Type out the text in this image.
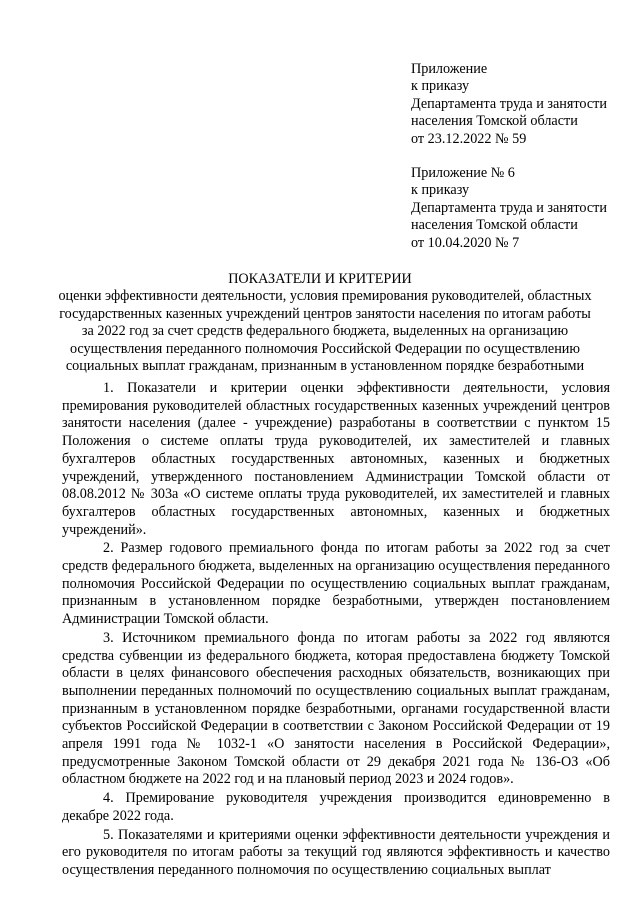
Приложение
к приказу
Департамента труда и занятости
населения Томской области
от 23.12.2022 № 59
Приложение № 6
к приказу
Департамента труда и занятости
населения Томской области
от 10.04.2020 № 7
ПОКАЗАТЕЛИ И КРИТЕРИИ
оценки эффективности деятельности, условия премирования руководителей, областных
государственных казенных учреждений центров занятости населения по итогам работы
за 2022 год за счет средств федерального бюджета, выделенных на организацию
осуществления переданного полномочия Российской Федерации по осуществлению
социальных выплат гражданам, признанным в установленном порядке безработными

1. Показатели и критерии оценки эффективности деятельности, условия премирования руководителей областных государственных казенных учреждений центров занятости населения (далее - учреждение) разработаны в соответствии с пунктом 15 Положения о системе оплаты труда руководителей, их заместителей и главных бухгалтеров областных государственных автономных, казенных и бюджетных учреждений, утвержденного постановлением Администрации Томской области от 08.08.2012 № 303а «О системе оплаты труда руководителей, их заместителей и главных бухгалтеров областных государственных автономных, казенных и бюджетных учреждений».

2. Размер годового премиального фонда по итогам работы за 2022 год за счет средств федерального бюджета, выделенных на организацию осуществления переданного полномочия Российской Федерации по осуществлению социальных выплат гражданам, признанным в установленном порядке безработными, утвержден постановлением Администрации Томской области.

3. Источником премиального фонда по итогам работы за 2022 год являются средства субвенции из федерального бюджета, которая предоставлена бюджету Томской области в целях финансового обеспечения расходных обязательств, возникающих при выполнении переданных полномочий по осуществлению социальных выплат гражданам, признанным в установленном порядке безработными, органами государственной власти субъектов Российской Федерации в соответствии с Законом Российской Федерации от 19 апреля 1991 года № 1032-1 «О занятости населения в Российской Федерации», предусмотренные Законом Томской области от 29 декабря 2021 года № 136-ОЗ «Об областном бюджете на 2022 год и на плановый период 2023 и 2024 годов».

4. Премирование руководителя учреждения производится единовременно в декабре 2022 года.

5. Показателями и критериями оценки эффективности деятельности учреждения и его руководителя по итогам работы за текущий год являются эффективность и качество осуществления переданного полномочия по осуществлению социальных выплат
